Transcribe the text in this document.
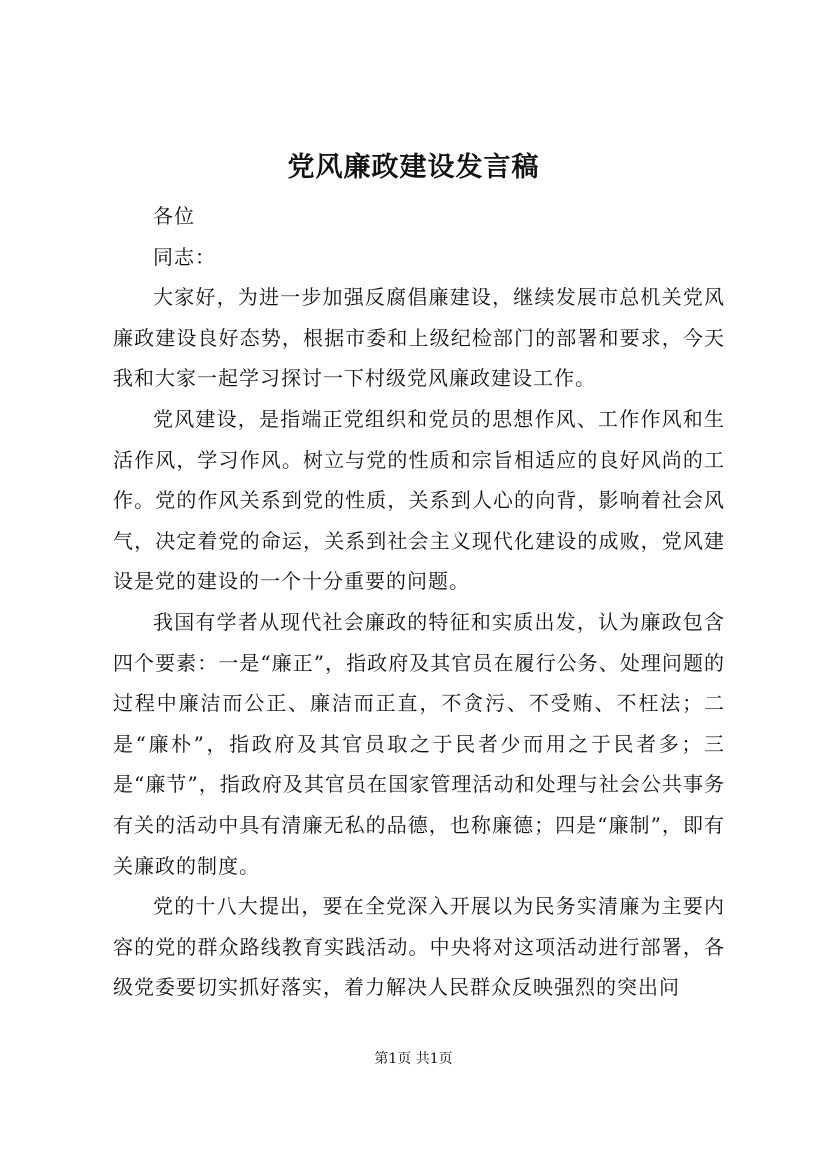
党风廉政建设发言稿

各位

同志：

大家好，为进一步加强反腐倡廉建设，继续发展市总机关党风廉政建设良好态势，根据市委和上级纪检部门的部署和要求，今天我和大家一起学习探讨一下村级党风廉政建设工作。

党风建设，是指端正党组织和党员的思想作风、工作作风和生活作风，学习作风。树立与党的性质和宗旨相适应的良好风尚的工作。党的作风关系到党的性质，关系到人心的向背，影响着社会风气，决定着党的命运，关系到社会主义现代化建设的成败，党风建设是党的建设的一个十分重要的问题。

我国有学者从现代社会廉政的特征和实质出发，认为廉政包含四个要素：一是“廉正”，指政府及其官员在履行公务、处理问题的过程中廉洁而公正、廉洁而正直，不贪污、不受贿、不枉法；二是“廉朴”，指政府及其官员取之于民者少而用之于民者多；三是“廉节”，指政府及其官员在国家管理活动和处理与社会公共事务有关的活动中具有清廉无私的品德，也称廉德；四是“廉制”，即有关廉政的制度。

党的十八大提出，要在全党深入开展以为民务实清廉为主要内容的党的群众路线教育实践活动。中央将对这项活动进行部署，各级党委要切实抓好落实，着力解决人民群众反映强烈的突出问

第1页 共1页
